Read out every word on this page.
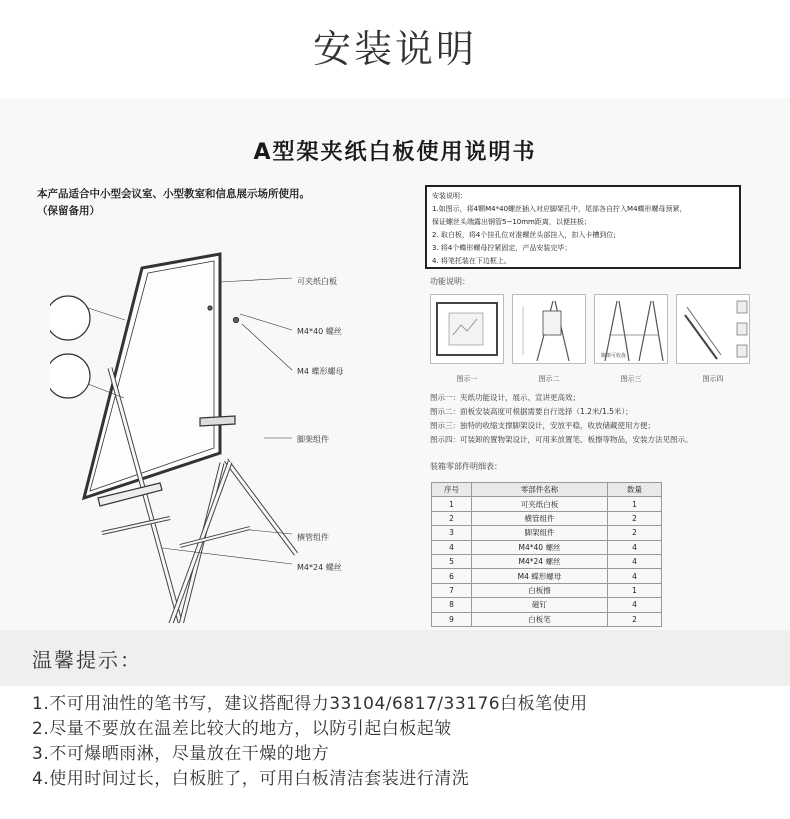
安装说明
A型架夹纸白板使用说明书
本产品适合中小型会议室、小型教室和信息展示场所使用。
（保留备用）
可夹纸白板
M4*40 螺丝
M4 蝶形螺母
脚架组件
横管组件
M4*24 螺丝
安装说明：
1.如图示，将4颗M4*40螺丝插入对应脚架孔中，尾部各自拧入M4蝶形螺母预紧，
保证螺丝头端露出钢管5~10mm距离，以便挂板；
2. 取白板，将4个挂孔位对准螺丝头部挂入，扣入卡槽到位;
3. 将4个蝶形螺母拧紧固定，产品安装完毕；
4. 将笔托装在下边框上。
功能说明：
脚架可收拢
图示一	图示二	图示三	图示四
图示一：夹纸功能设计，展示、宣讲更高效；
图示二：面板安装高度可根据需要自行选择（1.2米/1.5米）；
图示三：独特的收缩支撑脚架设计，安放平稳，收放储藏使用方便；
图示四：可装卸的置物架设计，可用来放置笔、板擦等物品，安装方法见图示。
装箱零部件明细表：
序号	零部件名称	数量
1	可夹纸白板	1
2	横管组件	2
3	脚架组件	2
4	M4*40 螺丝	4
5	M4*24 螺丝	4
6	M4 蝶形螺母	4
7	白板擦	1
8	磁钉	4
9	白板笔	2
温馨提示：
1.不可用油性的笔书写，建议搭配得力33104/6817/33176白板笔使用
2.尽量不要放在温差比较大的地方，以防引起白板起皱
3.不可爆晒雨淋，尽量放在干燥的地方
4.使用时间过长，白板脏了，可用白板清洁套装进行清洗
